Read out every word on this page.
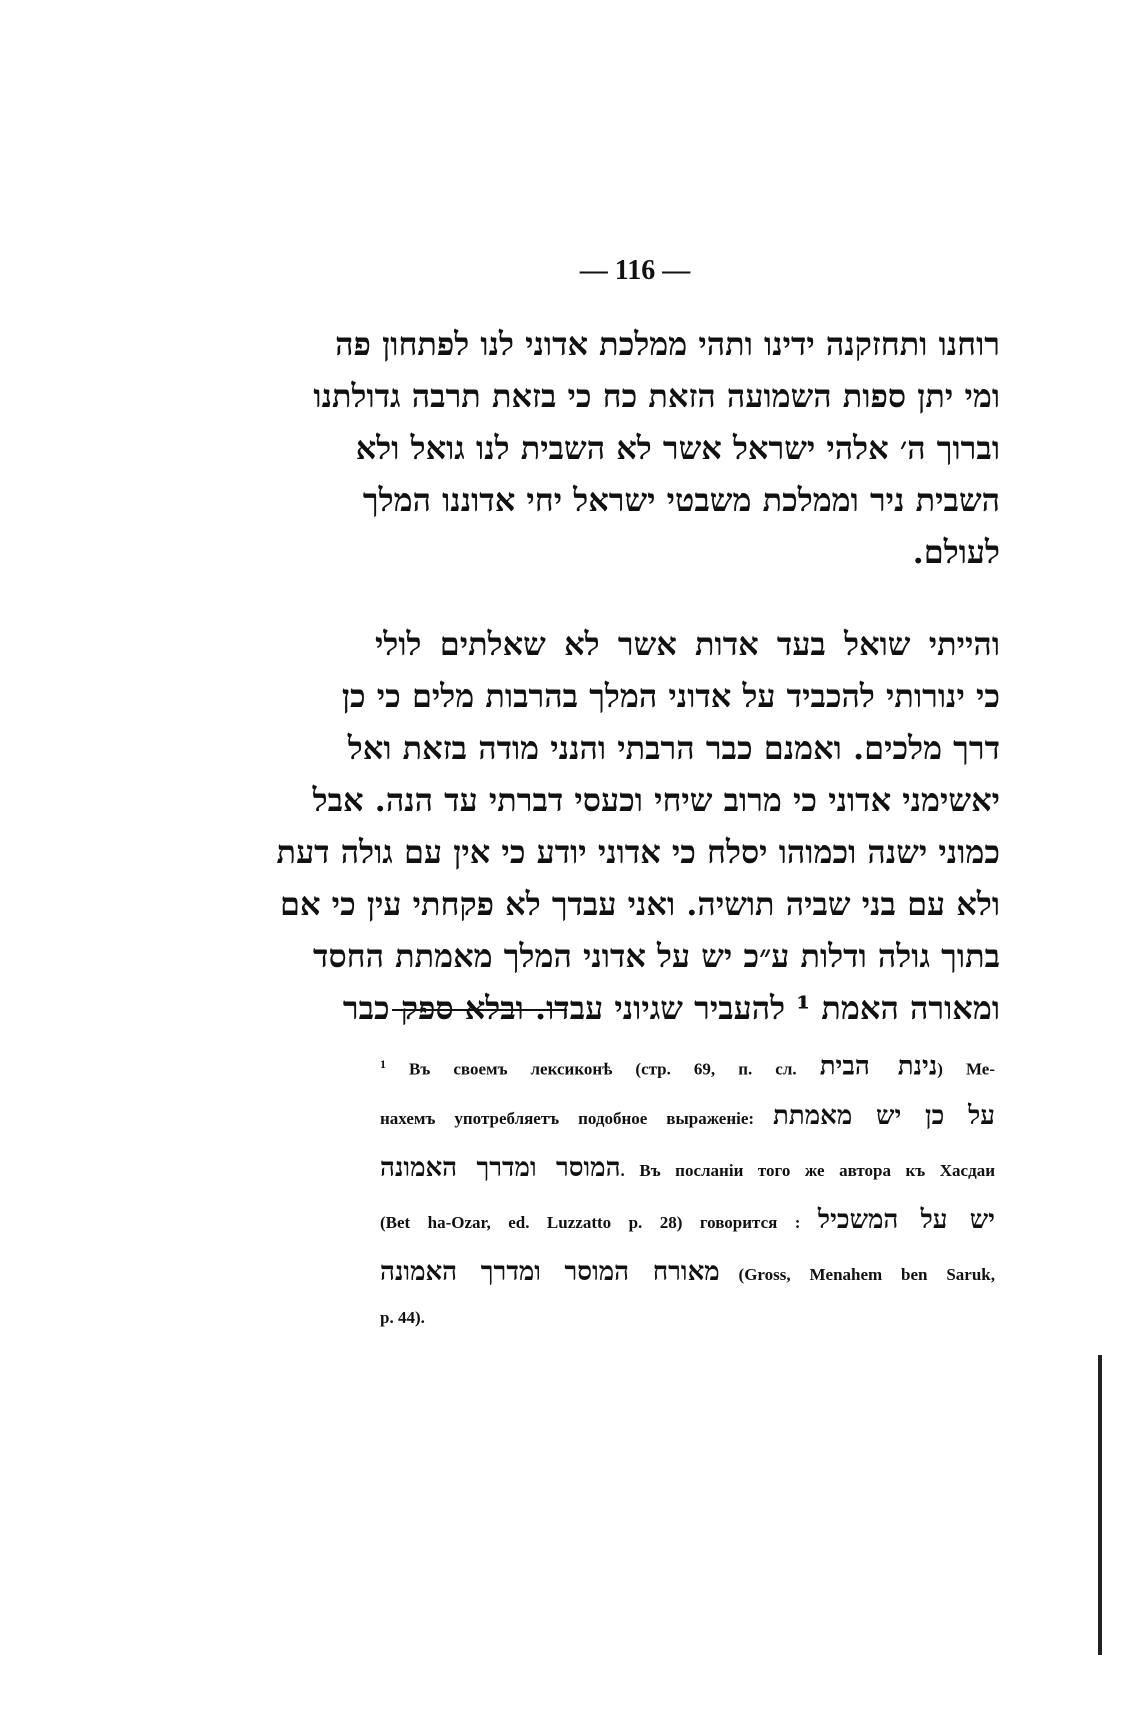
— 116 —
רוחנו ותחזקנה ידינו ותהי ממלכת אדוני לנו לפתחון פה
ומי יתן ספות השמועה הזאת כח כי בזאת תרבה גדולתנו
וברוך ה׳ אלהי ישראל אשר לא השבית לנו גואל ולא
השבית ניר וממלכת משבטי ישראל יחי אדוננו המלך
לעולם.
והייתי שואל בעד אדות אשר לא שאלתים לולי
כי ינורותי להכביד על אדוני המלך בהרבות מלים כי כן
דרך מלכים. ואמנם כבר הרבתי והנני מודה בזאת ואל
יאשימני אדוני כי מרוב שיחי וכעסי דברתי עד הנה. אבל
כמוני ישנה וכמוהו יסלח כי אדוני יודע כי אין עם גולה דעת
ולא עם בני שביה תושיה. ואני עבדך לא פקחתי עין כי אם
בתוך גולה ודלות ע״כ יש על אדוני המלך מאמתת החסד
ומאורה האמת ¹ להעביר שגיוני עבדו. ובלא ספק כבר
$^1$ Въ своемъ лексиконѣ (стр. 69, п. сл. נינת הבית) Ме-
нахемъ употребляетъ подобное выраженіе: על כן יש מאמתת
המוסר ומדרך האמונה. Въ посланіи того же автора къ Хасдаи
(Bet ha-Ozar, ed. Luzzatto p. 28) говорится : יש על המשכיל
מאורח המוסר ומדרך האמונה (Gross, Menahem ben Saruk,
p. 44).
